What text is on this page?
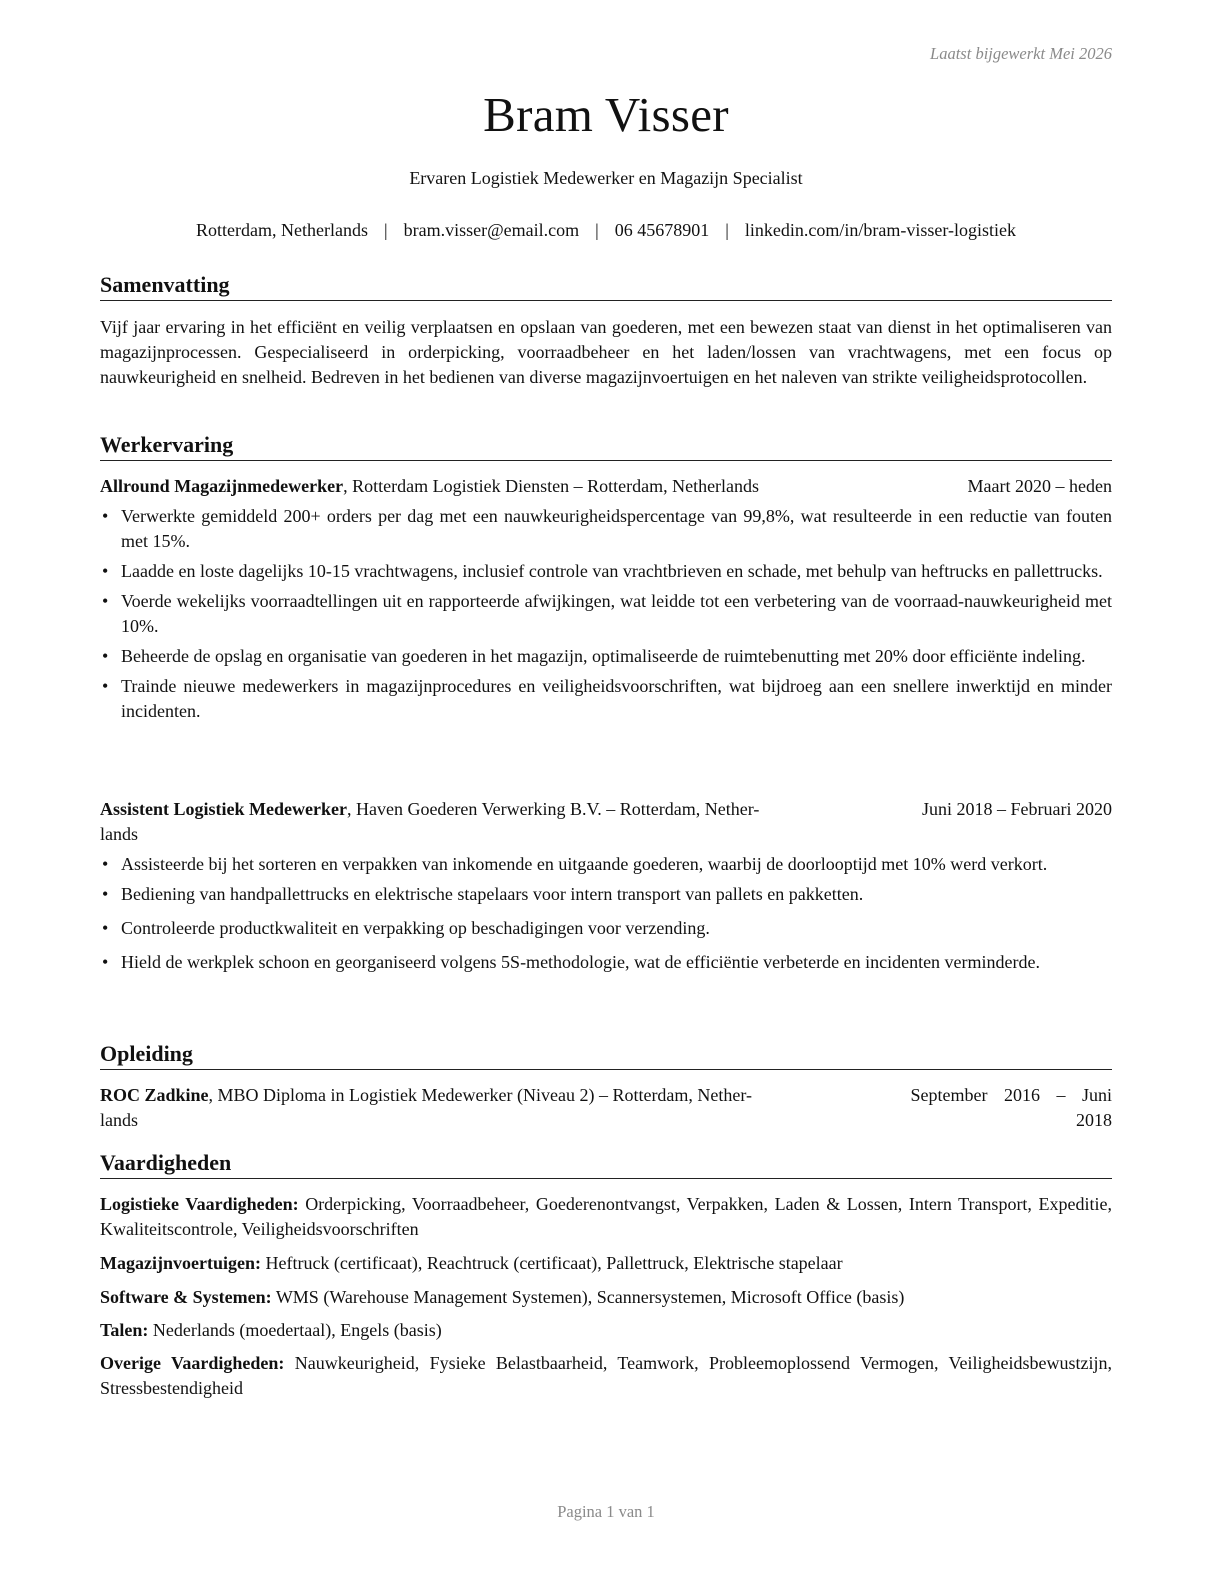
Laatst bijgewerkt Mei 2026
Bram Visser
Ervaren Logistiek Medewerker en Magazijn Specialist
Rotterdam, Netherlands | bram.visser@email.com | 06 45678901 | linkedin.com/in/bram-visser-logistiek
Samenvatting
Vijf jaar ervaring in het efficiënt en veilig verplaatsen en opslaan van goederen, met een bewezen staat van dienst in het optimaliseren van magazijnprocessen. Gespecialiseerd in orderpicking, voorraadbeheer en het laden/lossen van vrachtwagens, met een focus op nauwkeurigheid en snelheid. Bedreven in het bedienen van diverse magazijnvoertuigen en het naleven van strikte veiligheidsprotocollen.
Werkervaring
Allround Magazijnmedewerker, Rotterdam Logistiek Diensten – Rotterdam, Netherlands	Maart 2020 – heden
• Verwerkte gemiddeld 200+ orders per dag met een nauwkeurigheidspercentage van 99,8%, wat resulteerde in een reductie van fouten met 15%.
• Laadde en loste dagelijks 10-15 vrachtwagens, inclusief controle van vrachtbrieven en schade, met behulp van heftrucks en pallettrucks.
• Voerde wekelijks voorraadtellingen uit en rapporteerde afwijkingen, wat leidde tot een verbetering van de voorraad-nauwkeurigheid met 10%.
• Beheerde de opslag en organisatie van goederen in het magazijn, optimaliseerde de ruimtebenutting met 20% door efficiënte indeling.
• Trainde nieuwe medewerkers in magazijnprocedures en veiligheidsvoorschriften, wat bijdroeg aan een snellere inwerktijd en minder incidenten.
Assistent Logistiek Medewerker, Haven Goederen Verwerking B.V. – Rotterdam, Nether-	Juni 2018 – Februari 2020
lands
• Assisteerde bij het sorteren en verpakken van inkomende en uitgaande goederen, waarbij de doorlooptijd met 10% werd verkort.
• Bediening van handpallettrucks en elektrische stapelaars voor intern transport van pallets en pakketten.
• Controleerde productkwaliteit en verpakking op beschadigingen voor verzending.
• Hield de werkplek schoon en georganiseerd volgens 5S-methodologie, wat de efficiëntie verbeterde en incidenten verminderde.
Opleiding
ROC Zadkine, MBO Diploma in Logistiek Medewerker (Niveau 2) – Rotterdam, Nether-	September 2016 – Juni
lands	2018
Vaardigheden
Logistieke Vaardigheden: Orderpicking, Voorraadbeheer, Goederenontvangst, Verpakken, Laden & Lossen, Intern Transport, Expeditie, Kwaliteitscontrole, Veiligheidsvoorschriften
Magazijnvoertuigen: Heftruck (certificaat), Reachtruck (certificaat), Pallettruck, Elektrische stapelaar
Software & Systemen: WMS (Warehouse Management Systemen), Scannersystemen, Microsoft Office (basis)
Talen: Nederlands (moedertaal), Engels (basis)
Overige Vaardigheden: Nauwkeurigheid, Fysieke Belastbaarheid, Teamwork, Probleemoplossend Vermogen, Veiligheidsbewustzijn, Stressbestendigheid
Pagina 1 van 1
